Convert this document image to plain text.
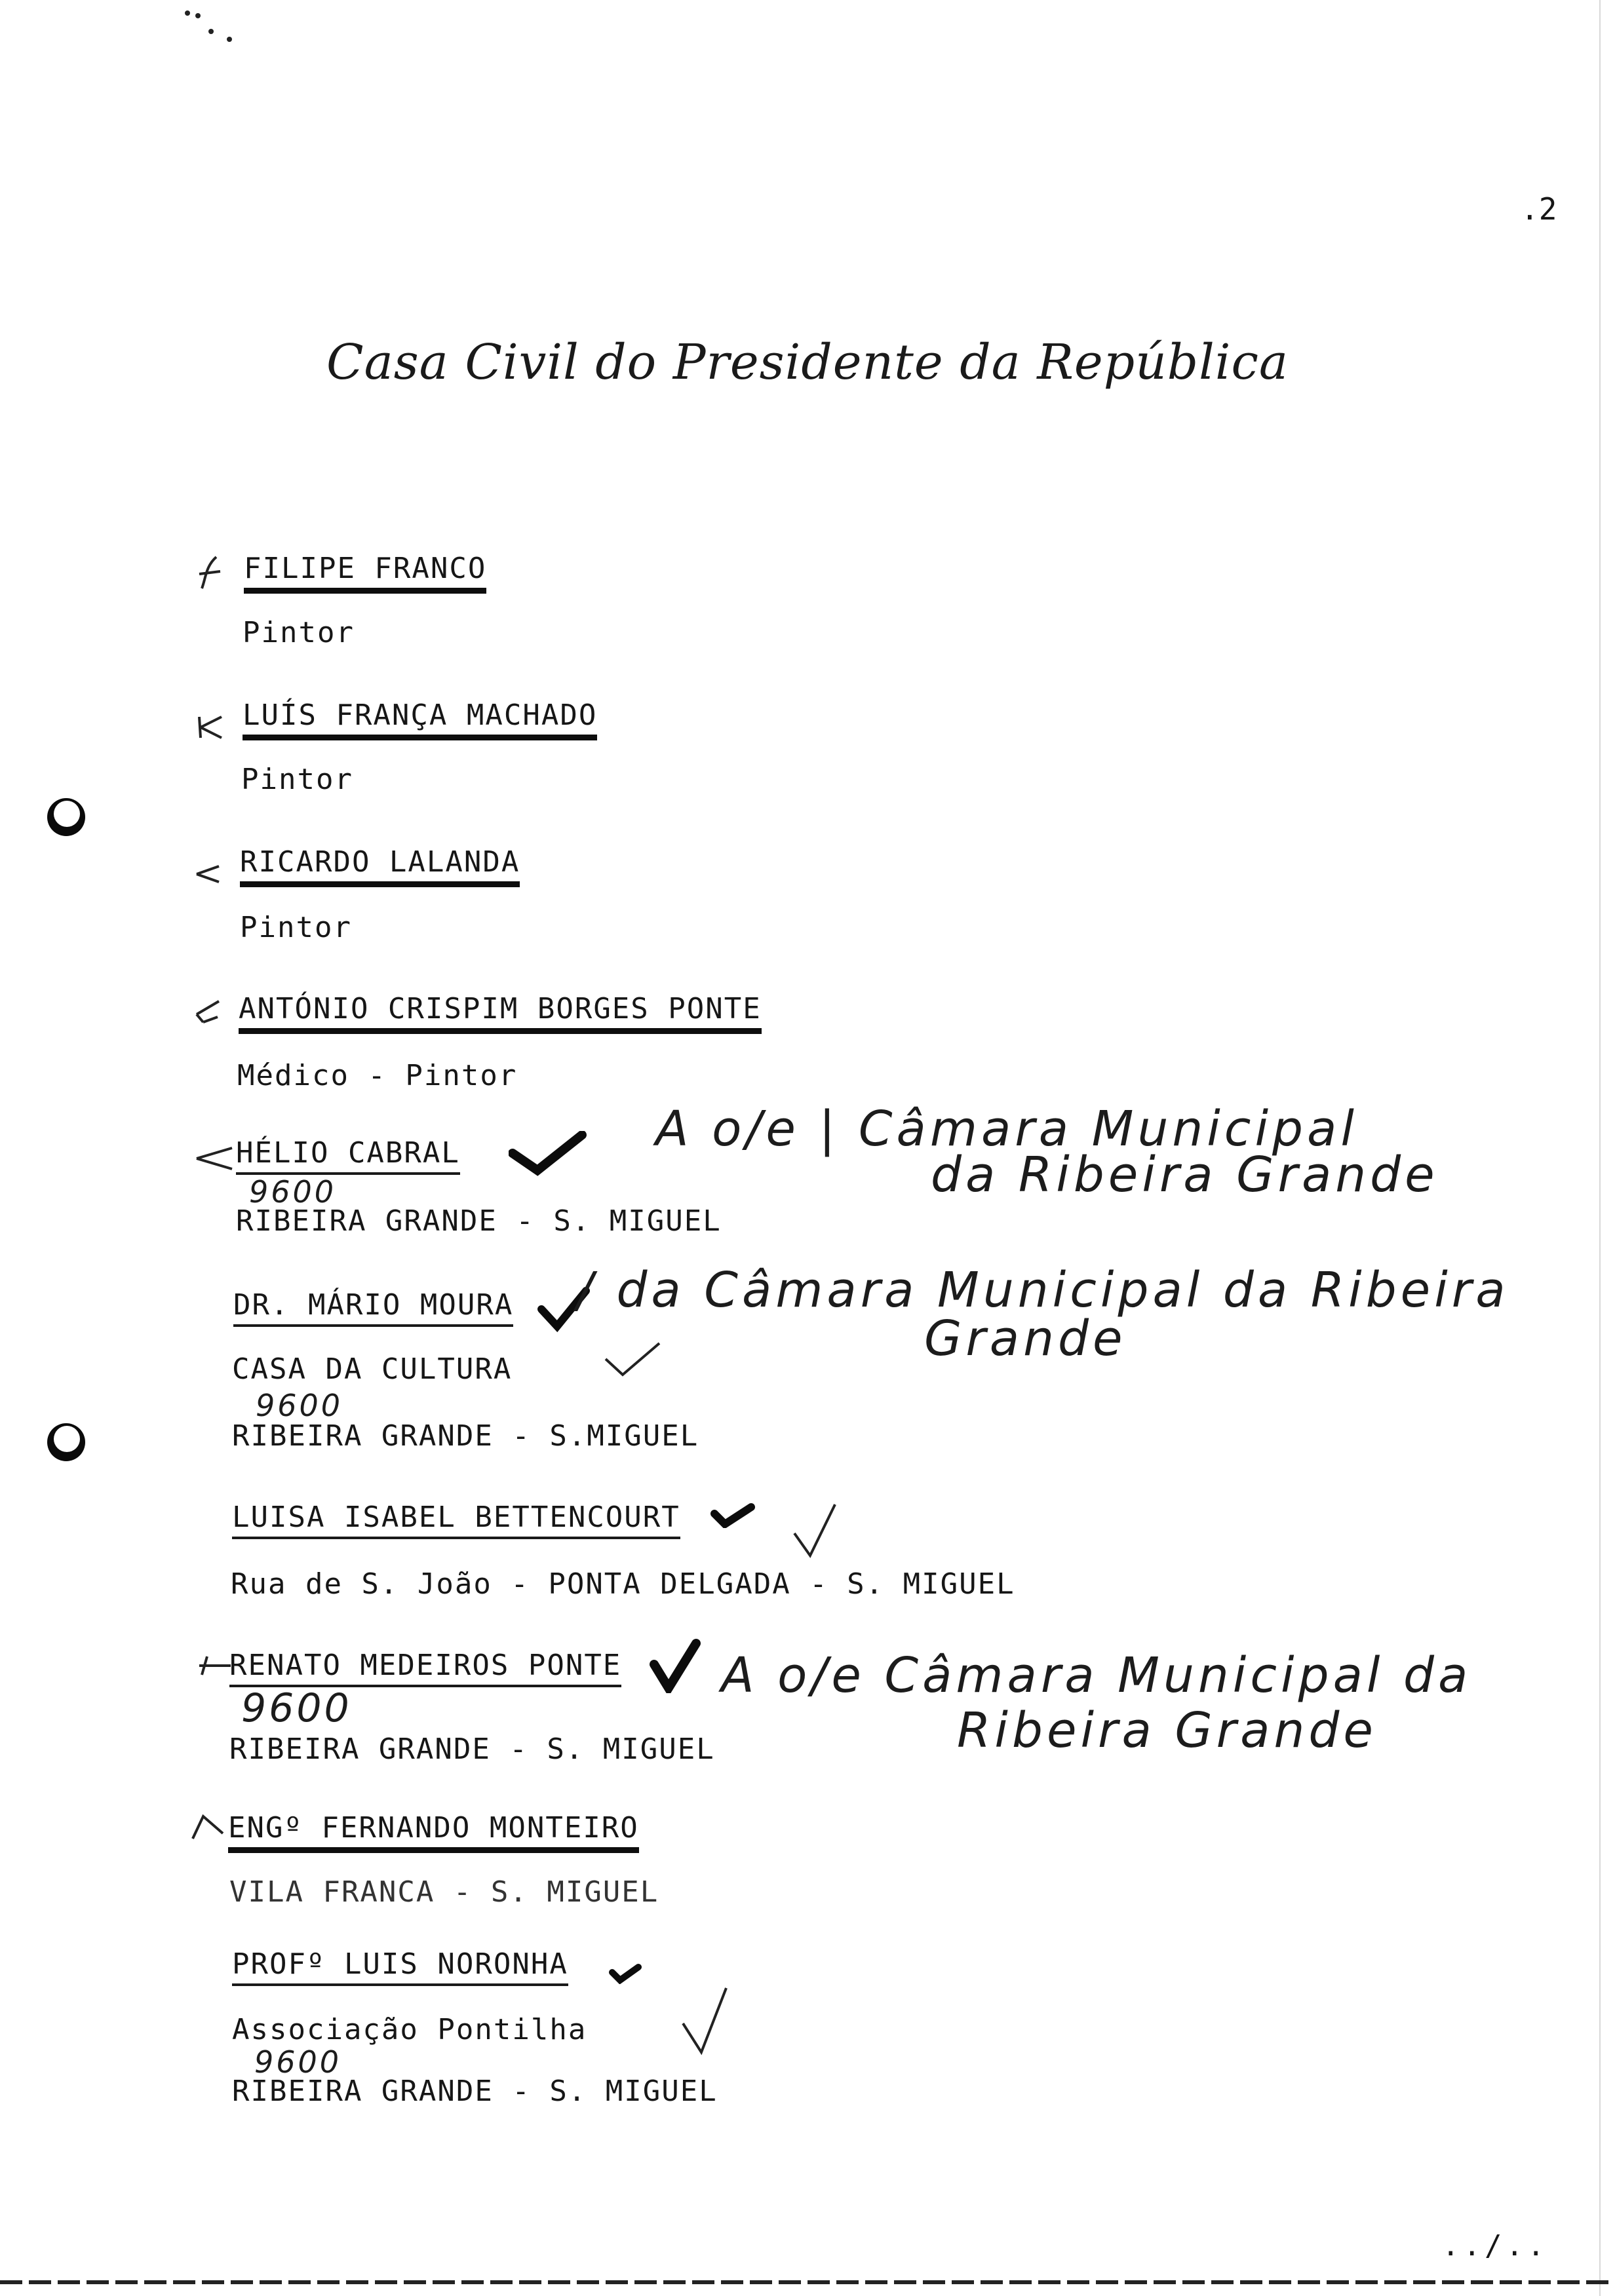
.2
Casa Civil do Presidente da República
FILIPE FRANCO
Pintor
LUÍS FRANÇA MACHADO
Pintor
RICARDO LALANDA
Pintor
ANTÓNIO CRISPIM BORGES PONTE
Médico - Pintor
HÉLIO CABRAL
9600
RIBEIRA GRANDE - S. MIGUEL
A o/e | Câmara Municipal
da Ribeira Grande
DR. MÁRIO MOURA / da Câmara Municipal da Ribeira
Grande
CASA DA CULTURA
9600
RIBEIRA GRANDE - S.MIGUEL
LUISA ISABEL BETTENCOURT
Rua de S. João - PONTA DELGADA - S. MIGUEL
RENATO MEDEIROS PONTE
9600
RIBEIRA GRANDE - S. MIGUEL
A o/e Câmara Municipal da
Ribeira Grande
ENGº FERNANDO MONTEIRO
VILA FRANCA - S. MIGUEL
PROFº LUIS NORONHA
Associação Pontilha
9600
RIBEIRA GRANDE - S. MIGUEL
../..
